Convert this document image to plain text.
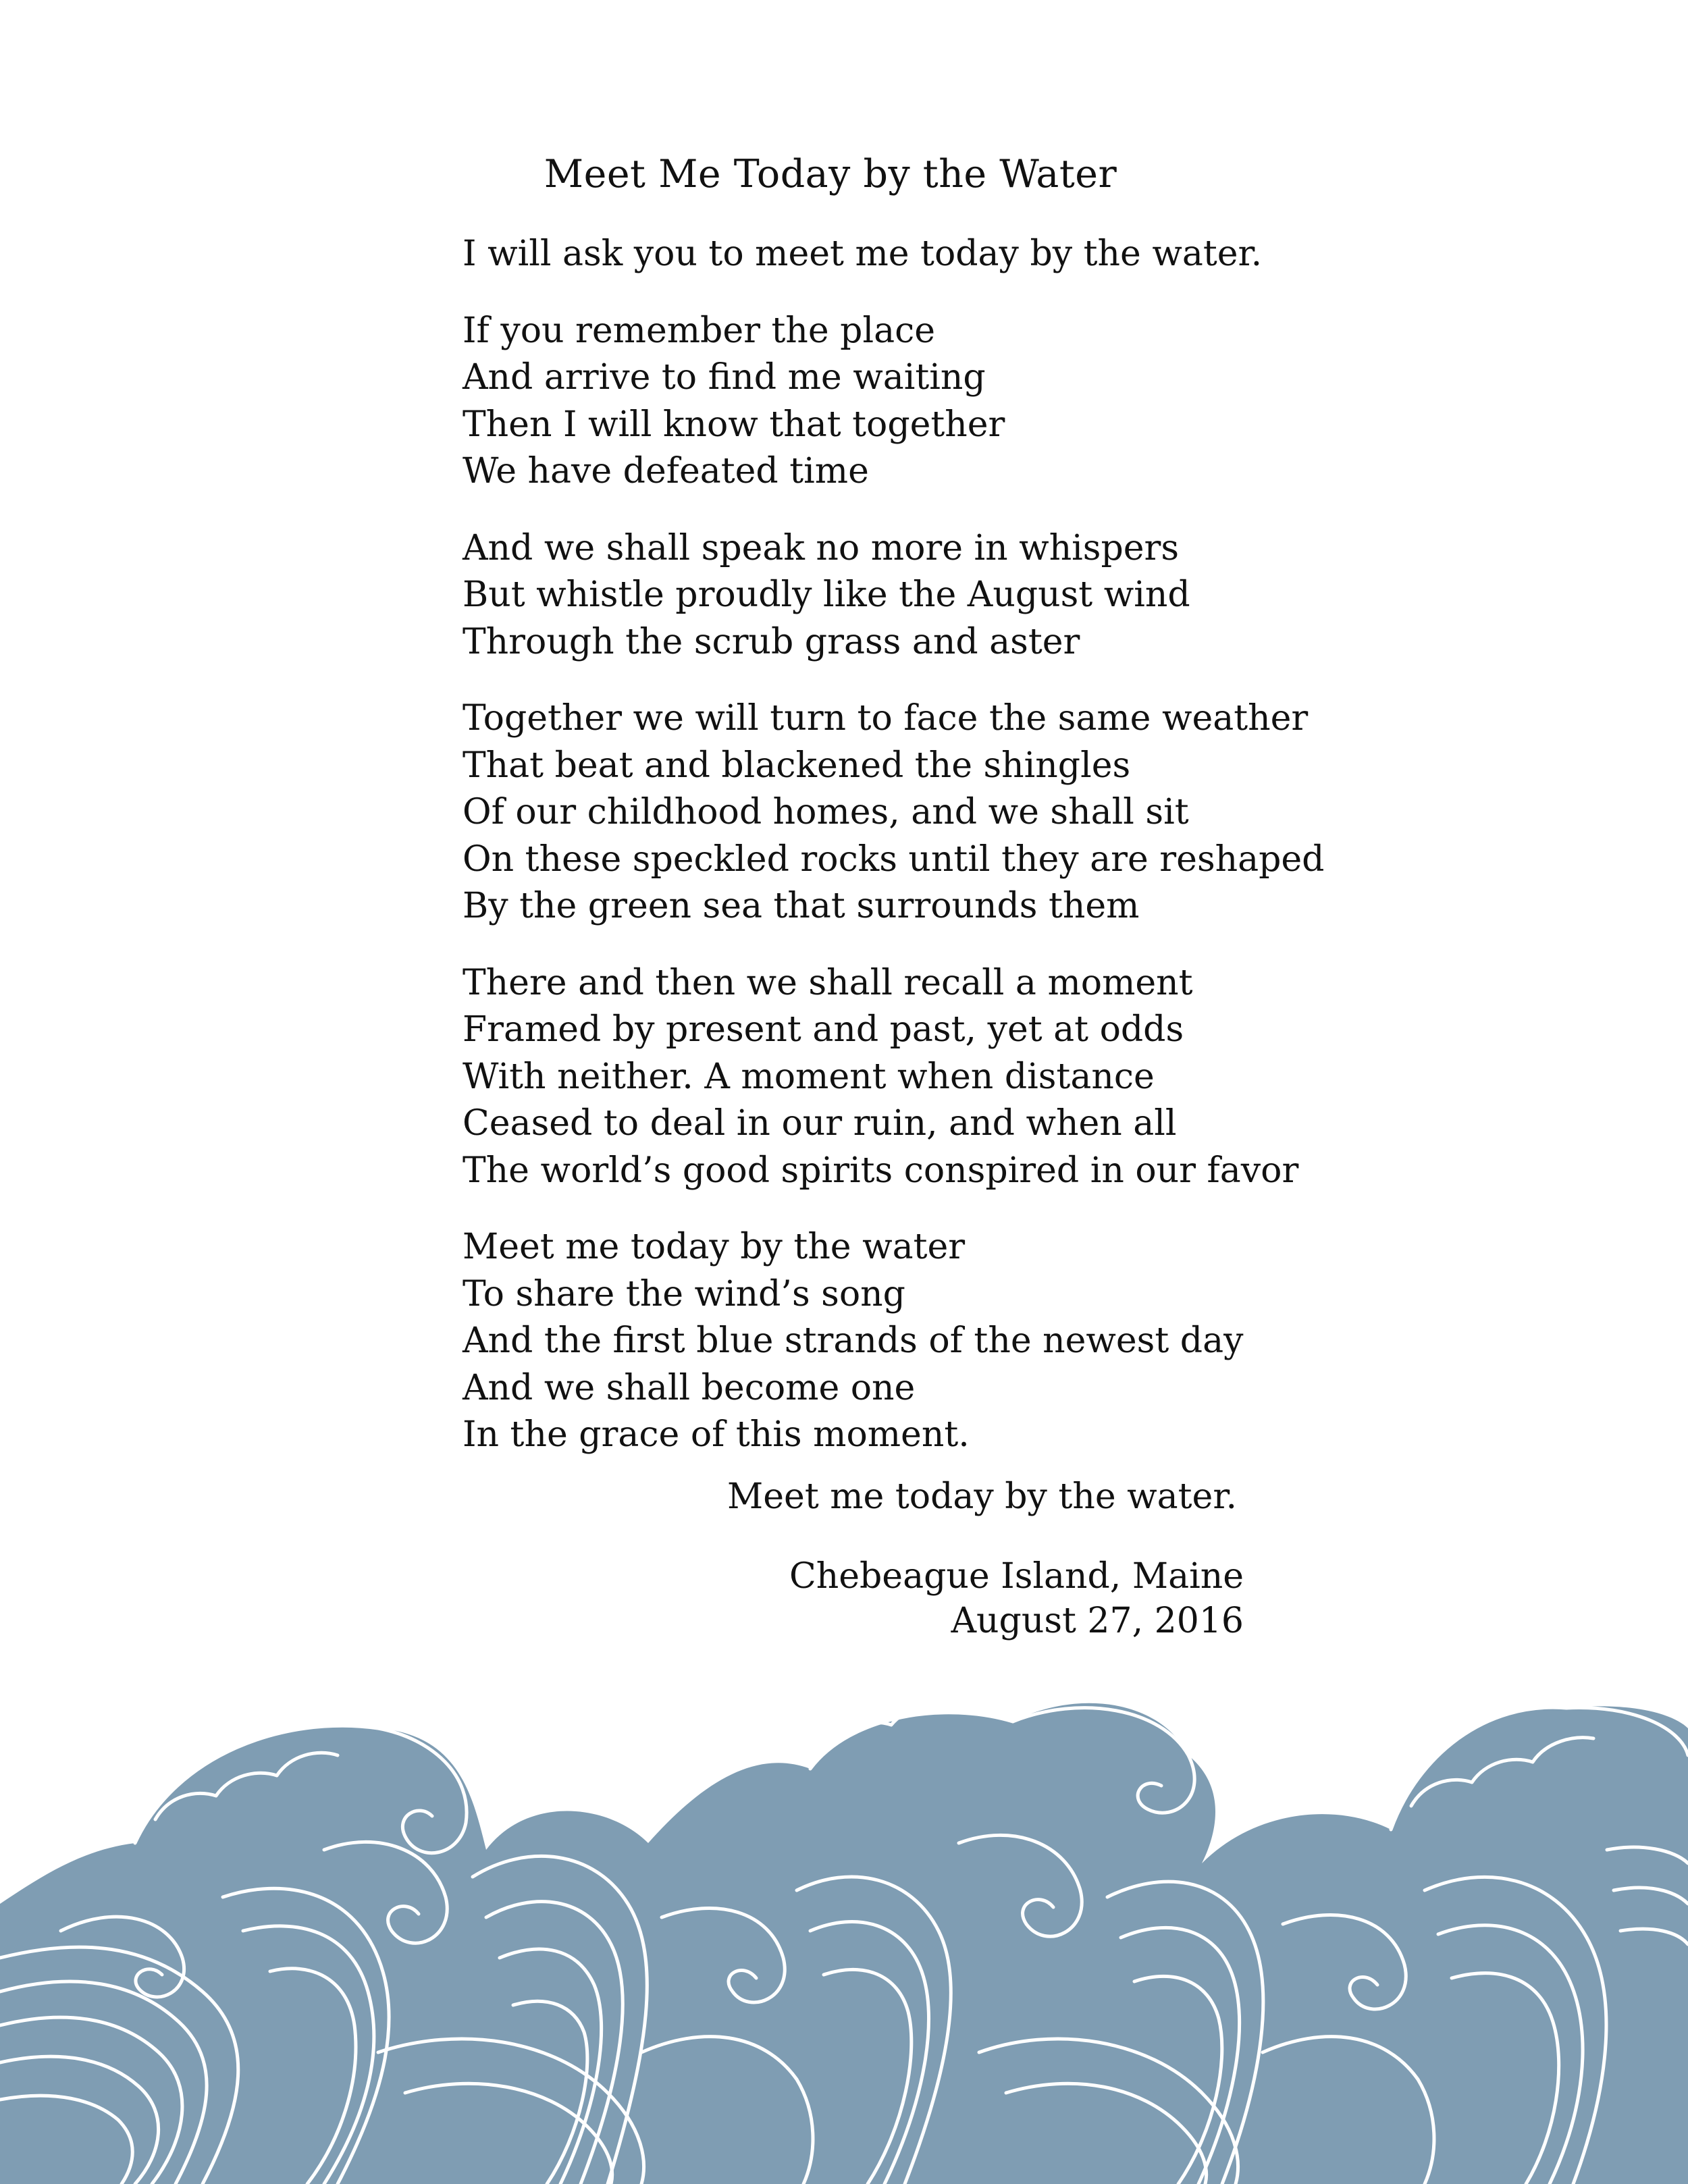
Meet Me Today by the Water
I will ask you to meet me today by the water.
If you remember the place
And arrive to find me waiting
Then I will know that together
We have defeated time
And we shall speak no more in whispers
But whistle proudly like the August wind
Through the scrub grass and aster
Together we will turn to face the same weather
That beat and blackened the shingles
Of our childhood homes, and we shall sit
On these speckled rocks until they are reshaped
By the green sea that surrounds them
There and then we shall recall a moment
Framed by present and past, yet at odds
With neither. A moment when distance
Ceased to deal in our ruin, and when all
The world’s good spirits conspired in our favor
Meet me today by the water
To share the wind’s song
And the first blue strands of the newest day
And we shall become one
In the grace of this moment.
Meet me today by the water.
Chebeague Island, Maine
August 27, 2016
